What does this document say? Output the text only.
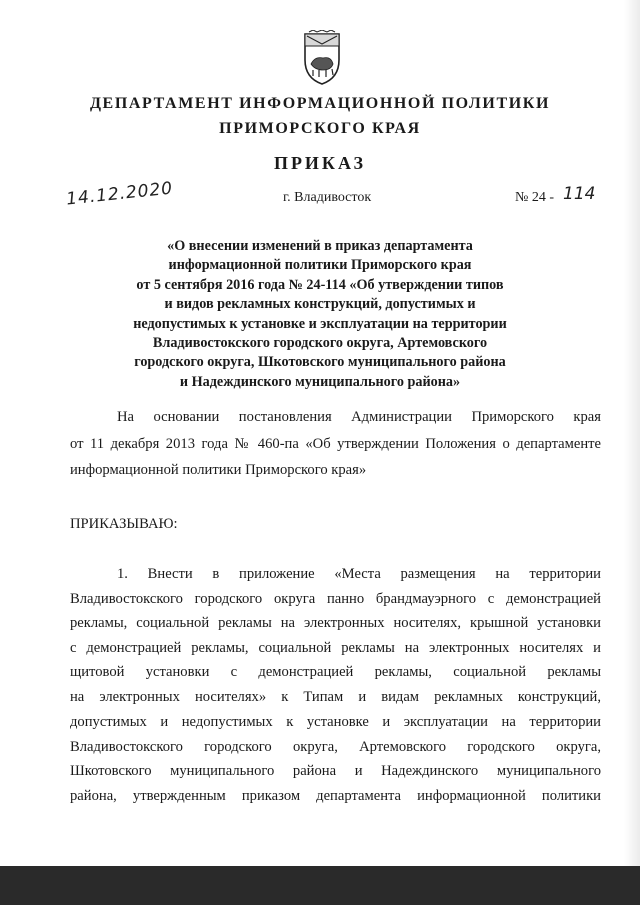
ДЕПАРТАМЕНТ ИНФОРМАЦИОННОЙ ПОЛИТИКИ
ПРИМОРСКОГО КРАЯ
ПРИКАЗ
14.12.2020	г. Владивосток	№ 24 - 114
«О внесении изменений в приказ департамента
информационной политики Приморского края
от 5 сентября 2016 года № 24-114 «Об утверждении типов
и видов рекламных конструкций, допустимых и
недопустимых к установке и эксплуатации на территории
Владивостокского городского округа, Артемовского
городского округа, Шкотовского муниципального района
и Надеждинского муниципального района»
На основании постановления Администрации Приморского края
от 11 декабря 2013 года № 460-па «Об утверждении Положения о департаменте
информационной политики Приморского края»
ПРИКАЗЫВАЮ:
1. Внести в приложение «Места размещения на территории
Владивостокского городского округа панно брандмауэрного с демонстрацией
рекламы, социальной рекламы на электронных носителях, крышной установки
с демонстрацией рекламы, социальной рекламы на электронных носителях и
щитовой установки с демонстрацией рекламы, социальной рекламы
на электронных носителях» к Типам и видам рекламных конструкций,
допустимых и недопустимых к установке и эксплуатации на территории
Владивостокского городского округа, Артемовского городского округа,
Шкотовского муниципального района и Надеждинского муниципального
района, утвержденным приказом департамента информационной политики
